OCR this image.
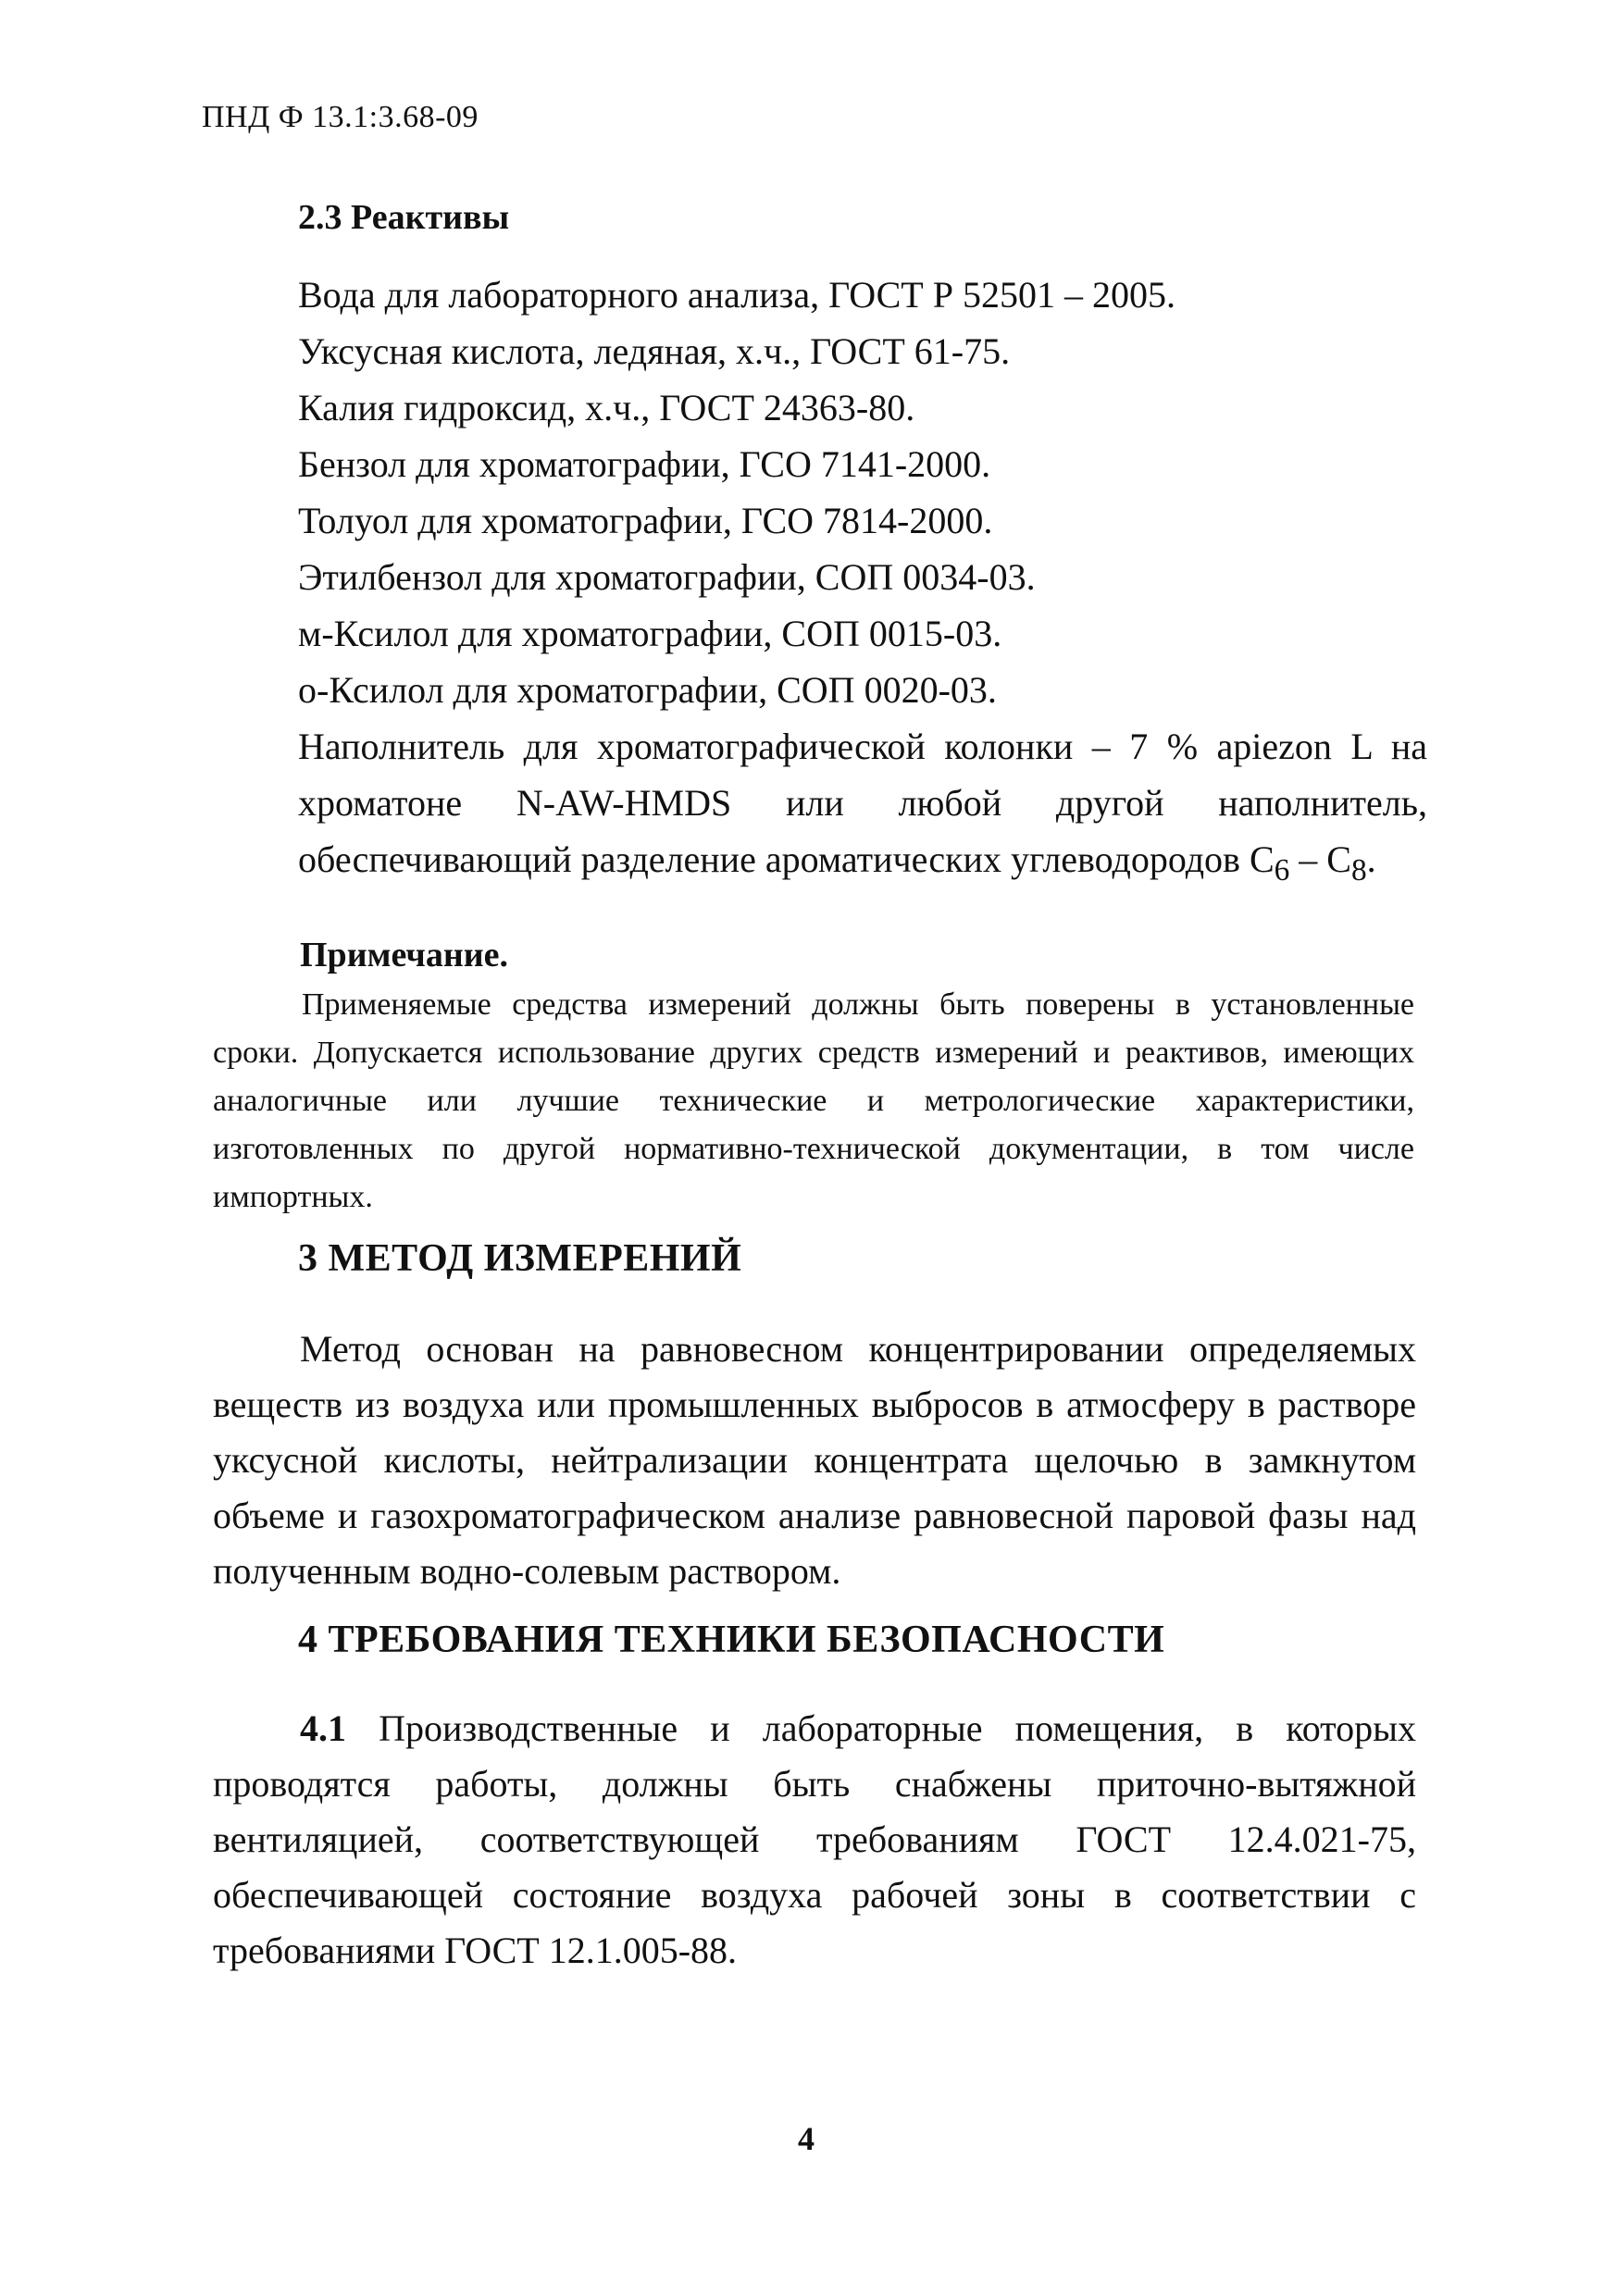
ПНД Ф 13.1:3.68-09
2.3 Реактивы
Вода для лабораторного анализа, ГОСТ Р 52501 – 2005.
Уксусная кислота, ледяная, х.ч., ГОСТ 61-75.
Калия гидроксид, х.ч., ГОСТ 24363-80.
Бензол для хроматографии, ГСО 7141-2000.
Толуол для хроматографии, ГСО 7814-2000.
Этилбензол для хроматографии, СОП 0034-03.
м-Ксилол для хроматографии, СОП 0015-03.
о-Ксилол для хроматографии, СОП 0020-03.
Наполнитель для хроматографической колонки – 7 % apiezon L на хроматоне N-AW-HMDS или любой другой наполнитель, обеспечивающий разделение ароматических углеводородов $C_6 - C_8$.
Примечание.
Применяемые средства измерений должны быть поверены в установленные сроки. Допускается использование других средств измерений и реактивов, имеющих аналогичные или лучшие технические и метрологические характеристики, изготовленных по другой нормативно-технической документации, в том числе импортных.
3 МЕТОД ИЗМЕРЕНИЙ
Метод основан на равновесном концентрировании определяемых веществ из воздуха или промышленных выбросов в атмосферу в растворе уксусной кислоты, нейтрализации концентрата щелочью в замкнутом объеме и газохроматографическом анализе равновесной паровой фазы над полученным водно-солевым раствором.
4 ТРЕБОВАНИЯ ТЕХНИКИ БЕЗОПАСНОСТИ
4.1 Производственные и лабораторные помещения, в которых проводятся работы, должны быть снабжены приточно-вытяжной вентиляцией, соответствующей требованиям ГОСТ 12.4.021-75, обеспечивающей состояние воздуха рабочей зоны в соответствии с требованиями ГОСТ 12.1.005-88.
4
